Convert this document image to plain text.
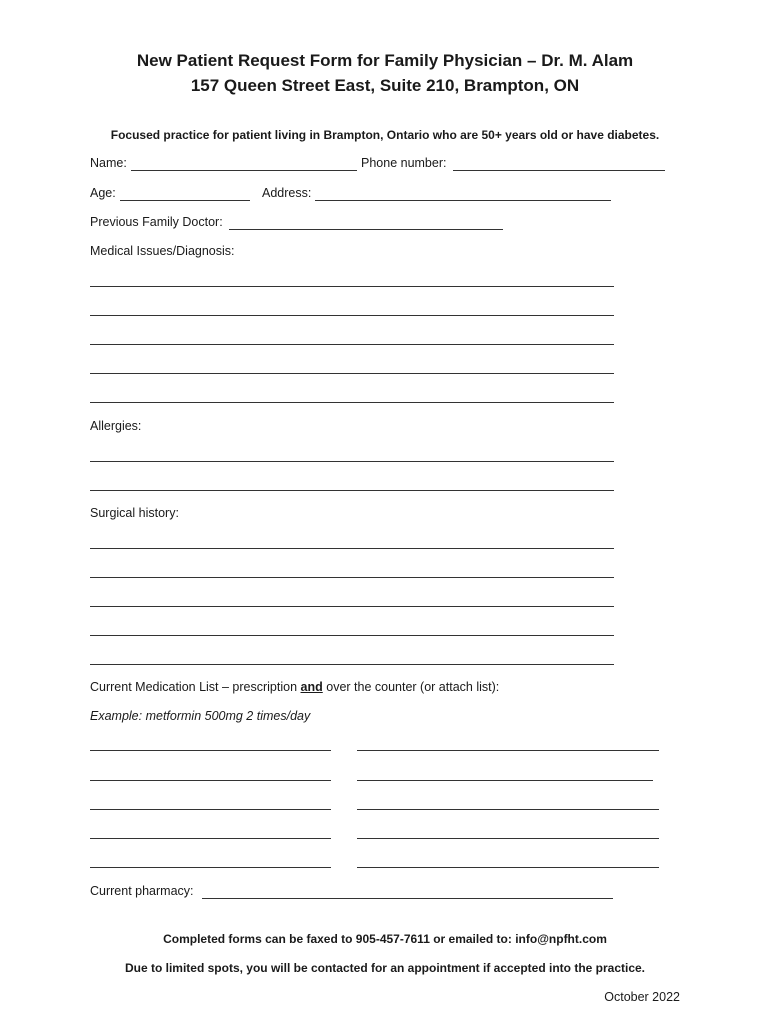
New Patient Request Form for Family Physician – Dr. M. Alam
157 Queen Street East, Suite 210, Brampton, ON
Focused practice for patient living in Brampton, Ontario who are 50+ years old or have diabetes.
Name:	Phone number:
Age:	Address:
Previous Family Doctor:
Medical Issues/Diagnosis:
Allergies:
Surgical history:
Current Medication List – prescription and over the counter (or attach list):
Example: metformin 500mg 2 times/day
Current pharmacy:
Completed forms can be faxed to 905-457-7611 or emailed to: info@npfht.com
Due to limited spots, you will be contacted for an appointment if accepted into the practice.
October 2022
